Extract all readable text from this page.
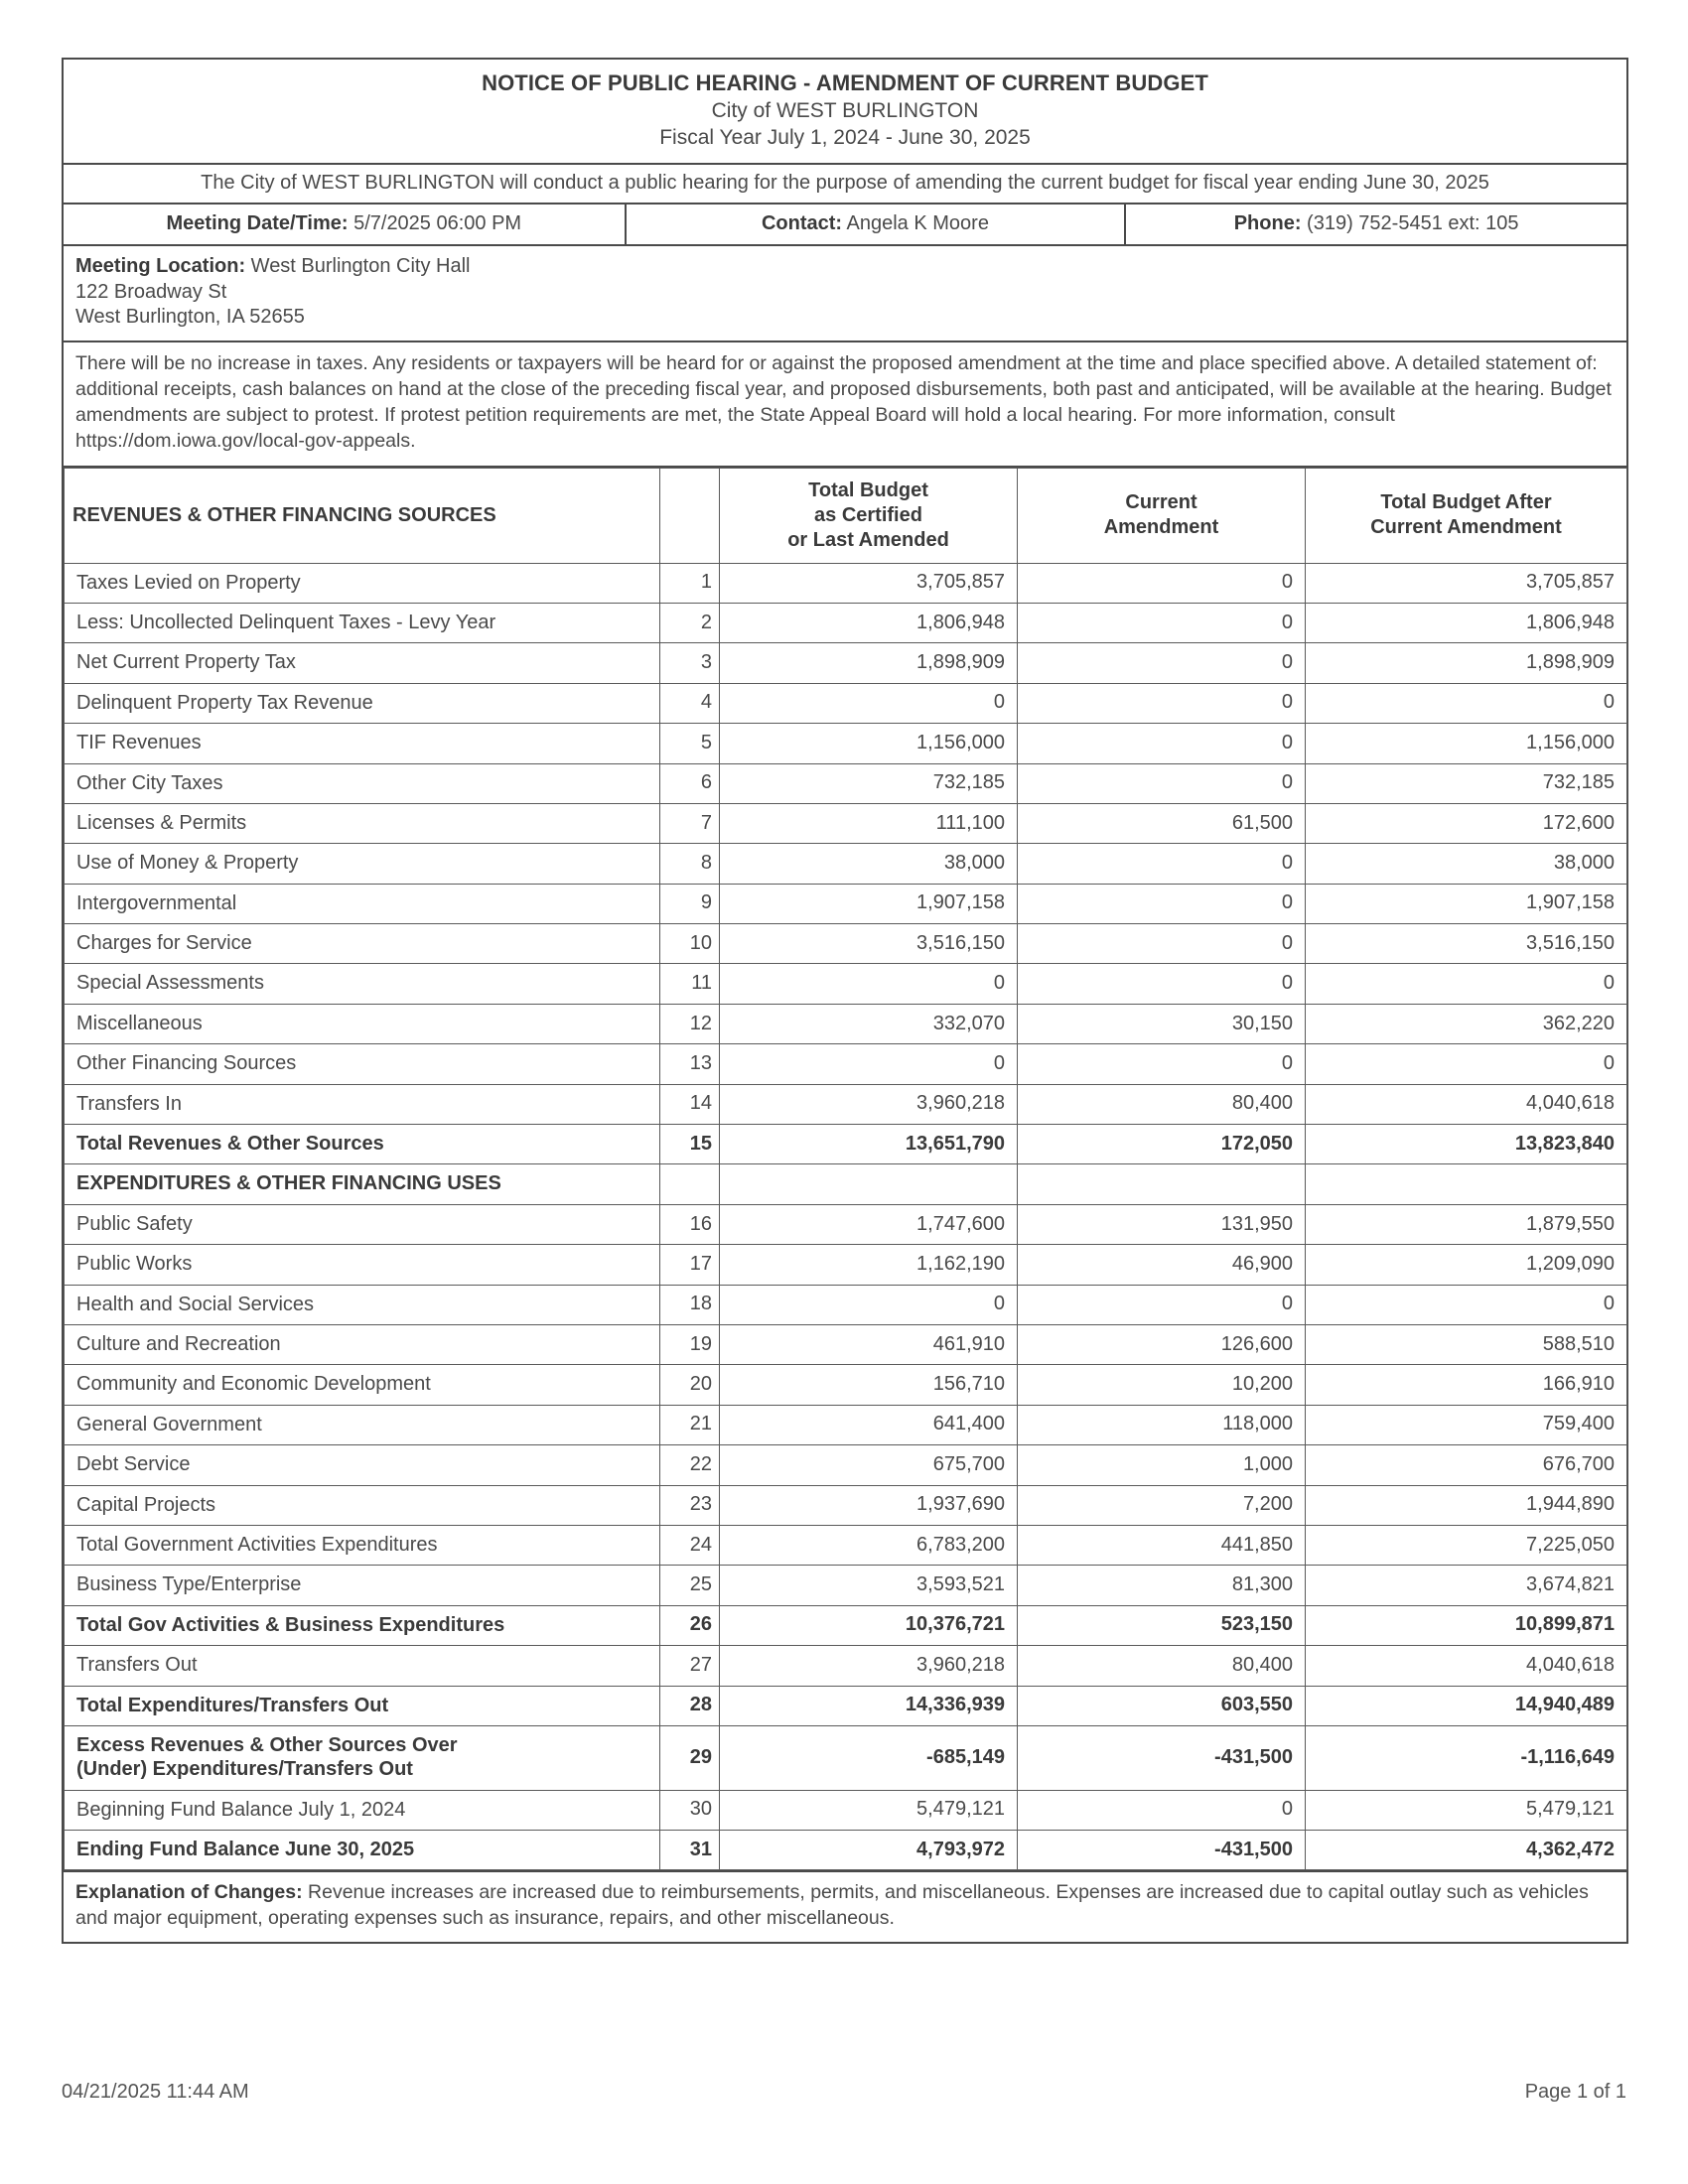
NOTICE OF PUBLIC HEARING - AMENDMENT OF CURRENT BUDGET
City of WEST BURLINGTON
Fiscal Year July 1, 2024 - June 30, 2025
The City of WEST BURLINGTON will conduct a public hearing for the purpose of amending the current budget for fiscal year ending June 30, 2025
Meeting Date/Time: 5/7/2025 06:00 PM	Contact: Angela K Moore	Phone: (319) 752-5451 ext: 105
Meeting Location: West Burlington City Hall
122 Broadway St
West Burlington, IA 52655
There will be no increase in taxes. Any residents or taxpayers will be heard for or against the proposed amendment at the time and place specified above. A detailed statement of: additional receipts, cash balances on hand at the close of the preceding fiscal year, and proposed disbursements, both past and anticipated, will be available at the hearing. Budget amendments are subject to protest. If protest petition requirements are met, the State Appeal Board will hold a local hearing. For more information, consult https://dom.iowa.gov/local-gov-appeals.
REVENUES & OTHER FINANCING SOURCES		Total Budget
as Certified
or Last Amended	Current
Amendment	Total Budget After
Current Amendment
Taxes Levied on Property	1	3,705,857	0	3,705,857
Less: Uncollected Delinquent Taxes - Levy Year	2	1,806,948	0	1,806,948
Net Current Property Tax	3	1,898,909	0	1,898,909
Delinquent Property Tax Revenue	4	0	0	0
TIF Revenues	5	1,156,000	0	1,156,000
Other City Taxes	6	732,185	0	732,185
Licenses & Permits	7	111,100	61,500	172,600
Use of Money & Property	8	38,000	0	38,000
Intergovernmental	9	1,907,158	0	1,907,158
Charges for Service	10	3,516,150	0	3,516,150
Special Assessments	11	0	0	0
Miscellaneous	12	332,070	30,150	362,220
Other Financing Sources	13	0	0	0
Transfers In	14	3,960,218	80,400	4,040,618
Total Revenues & Other Sources	15	13,651,790	172,050	13,823,840
EXPENDITURES & OTHER FINANCING USES				
Public Safety	16	1,747,600	131,950	1,879,550
Public Works	17	1,162,190	46,900	1,209,090
Health and Social Services	18	0	0	0
Culture and Recreation	19	461,910	126,600	588,510
Community and Economic Development	20	156,710	10,200	166,910
General Government	21	641,400	118,000	759,400
Debt Service	22	675,700	1,000	676,700
Capital Projects	23	1,937,690	7,200	1,944,890
Total Government Activities Expenditures	24	6,783,200	441,850	7,225,050
Business Type/Enterprise	25	3,593,521	81,300	3,674,821
Total Gov Activities & Business Expenditures	26	10,376,721	523,150	10,899,871
Transfers Out	27	3,960,218	80,400	4,040,618
Total Expenditures/Transfers Out	28	14,336,939	603,550	14,940,489
Excess Revenues & Other Sources Over
(Under) Expenditures/Transfers Out	29	-685,149	-431,500	-1,116,649
Beginning Fund Balance July 1, 2024	30	5,479,121	0	5,479,121
Ending Fund Balance June 30, 2025	31	4,793,972	-431,500	4,362,472
Explanation of Changes: Revenue increases are increased due to reimbursements, permits, and miscellaneous. Expenses are increased due to capital outlay such as vehicles and major equipment, operating expenses such as insurance, repairs, and other miscellaneous.
04/21/2025 11:44 AM	Page 1 of 1
